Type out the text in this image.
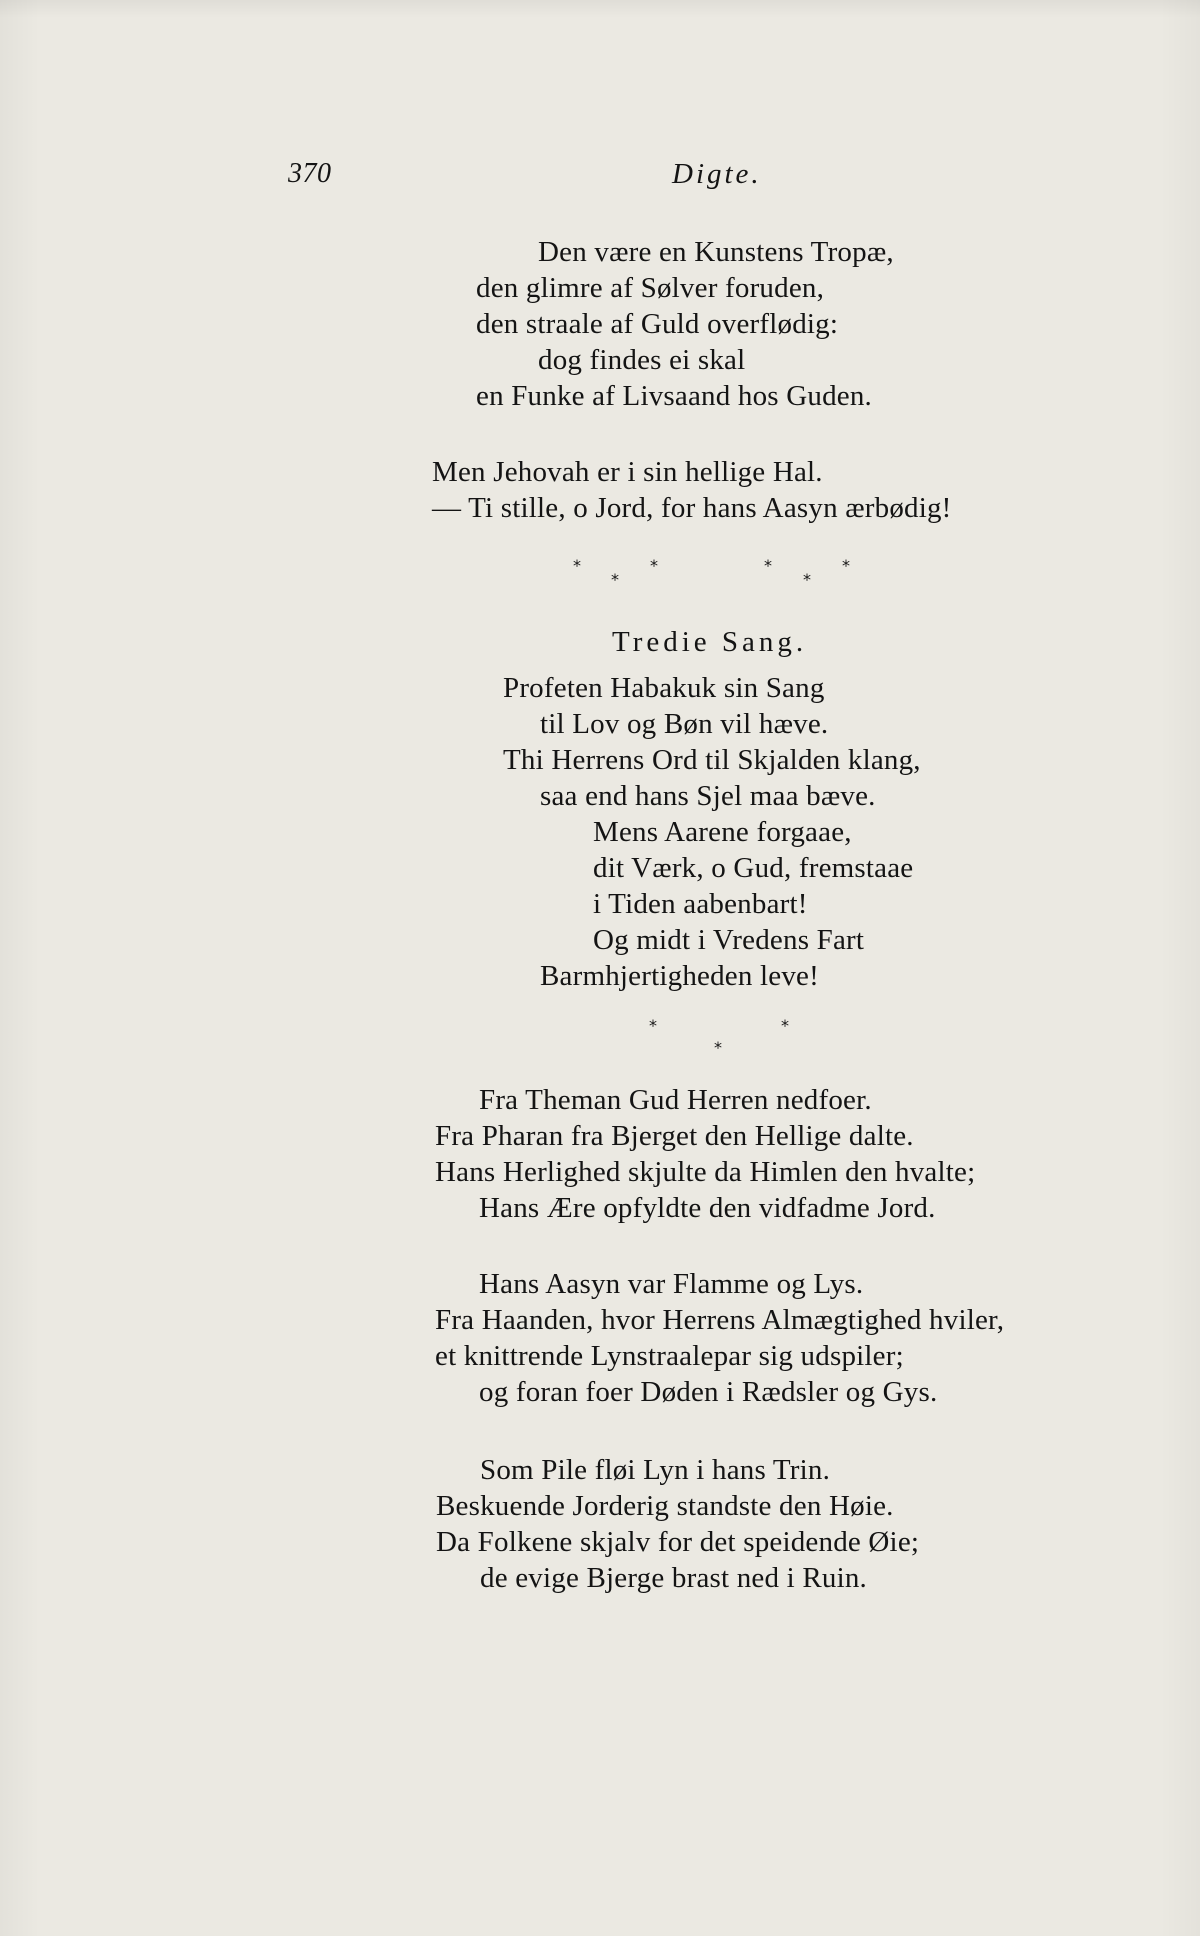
370	Digte.
Den være en Kunstens Tropæ,
den glimre af Sølver foruden,
den straale af Guld overflødig:
dog findes ei skal
en Funke af Livsaand hos Guden.
Men Jehovah er i sin hellige Hal.
— Ti stille, o Jord, for hans Aasyn ærbødig!
*
*
*	*
*
*
Tredie Sang.
Profeten Habakuk sin Sang
til Lov og Bøn vil hæve.
Thi Herrens Ord til Skjalden klang,
saa end hans Sjel maa bæve.
Mens Aarene forgaae,
dit Værk, o Gud, fremstaae
i Tiden aabenbart!
Og midt i Vredens Fart
Barmhjertigheden leve!
*
*
*
Fra Theman Gud Herren nedfoer.
Fra Pharan fra Bjerget den Hellige dalte.
Hans Herlighed skjulte da Himlen den hvalte;
Hans Ære opfyldte den vidfadme Jord.
Hans Aasyn var Flamme og Lys.
Fra Haanden, hvor Herrens Almægtighed hviler,
et knittrende Lynstraalepar sig udspiler;
og foran foer Døden i Rædsler og Gys.
Som Pile fløi Lyn i hans Trin.
Beskuende Jorderig standste den Høie.
Da Folkene skjalv for det speidende Øie;
de evige Bjerge brast ned i Ruin.
